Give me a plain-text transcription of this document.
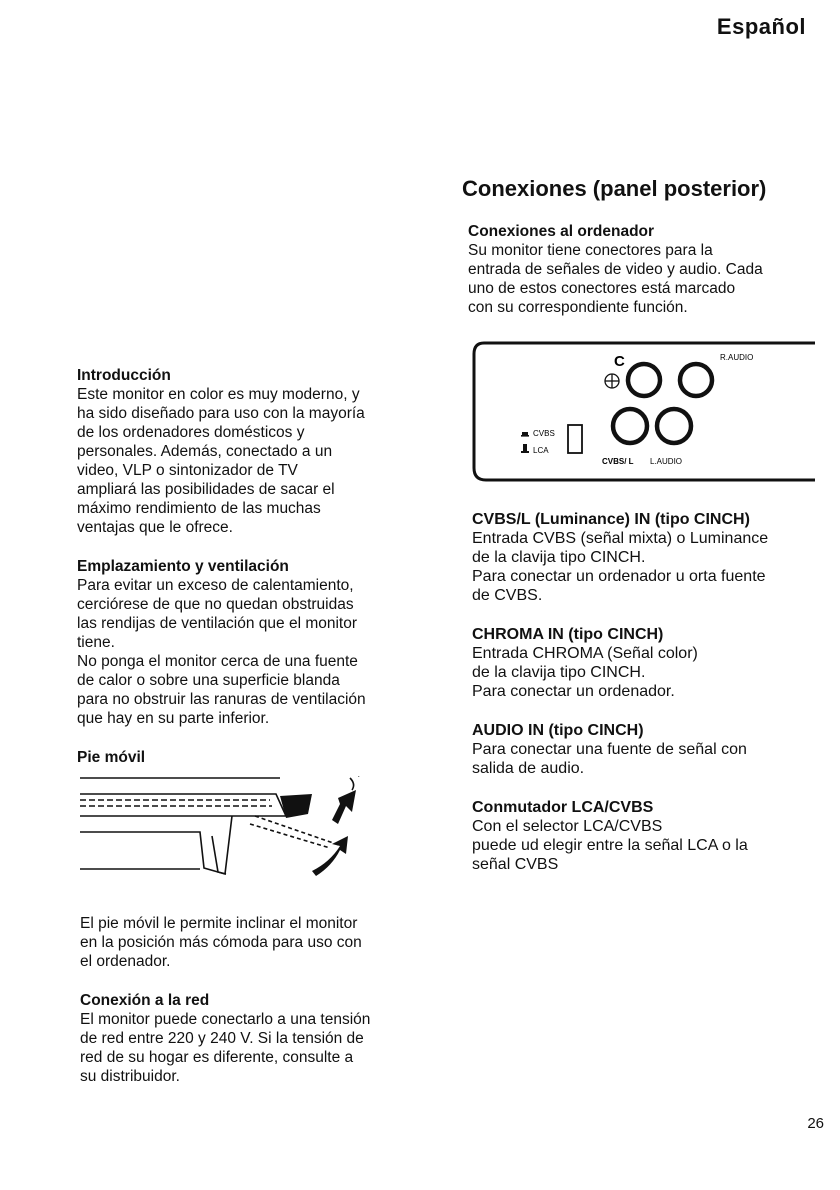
Español
Conexiones (panel posterior)
Introducción

Este monitor en color es muy moderno, y
ha sido diseñado para uso con la mayoría
de los ordenadores domésticos y
personales. Además, conectado a un
video, VLP o sintonizador de TV
ampliará las posibilidades de sacar el
máximo rendimiento de las muchas
ventajas que le ofrece.

Emplazamiento y ventilación

Para evitar un exceso de calentamiento,
cerciórese de que no quedan obstruidas
las rendijas de ventilación que el monitor
tiene.
No ponga el monitor cerca de una fuente
de calor o sobre una superficie blanda
para no obstruir las ranuras de ventilación
que hay en su parte inferior.

Pie móvil

El pie móvil le permite inclinar el monitor
en la posición más cómoda para uso con
el ordenador.

Conexión a la red

El monitor puede conectarlo a una tensión
de red entre 220 y 240 V. Si la tensión de
red de su hogar es diferente, consulte a
su distribuidor.

Conexiones al ordenador

Su monitor tiene conectores para la
entrada de señales de video y audio. Cada
uno de estos conectores está marcado
con su correspondiente función.

C	R.AUDIO
CVBS
LCA
CVBS/ L L.AUDIO
CVBS/L (Luminance) IN (tipo CINCH)

Entrada CVBS (señal mixta) o Luminance
de la clavija tipo CINCH.
Para conectar un ordenador u orta fuente
de CVBS.

CHROMA IN (tipo CINCH)

Entrada CHROMA (Señal color)
de la clavija tipo CINCH.
Para conectar un ordenador.

AUDIO IN (tipo CINCH)

Para conectar una fuente de señal con
salida de audio.

Conmutador LCA/CVBS

Con el selector LCA/CVBS
puede ud elegir entre la señal LCA o la
señal CVBS

26
